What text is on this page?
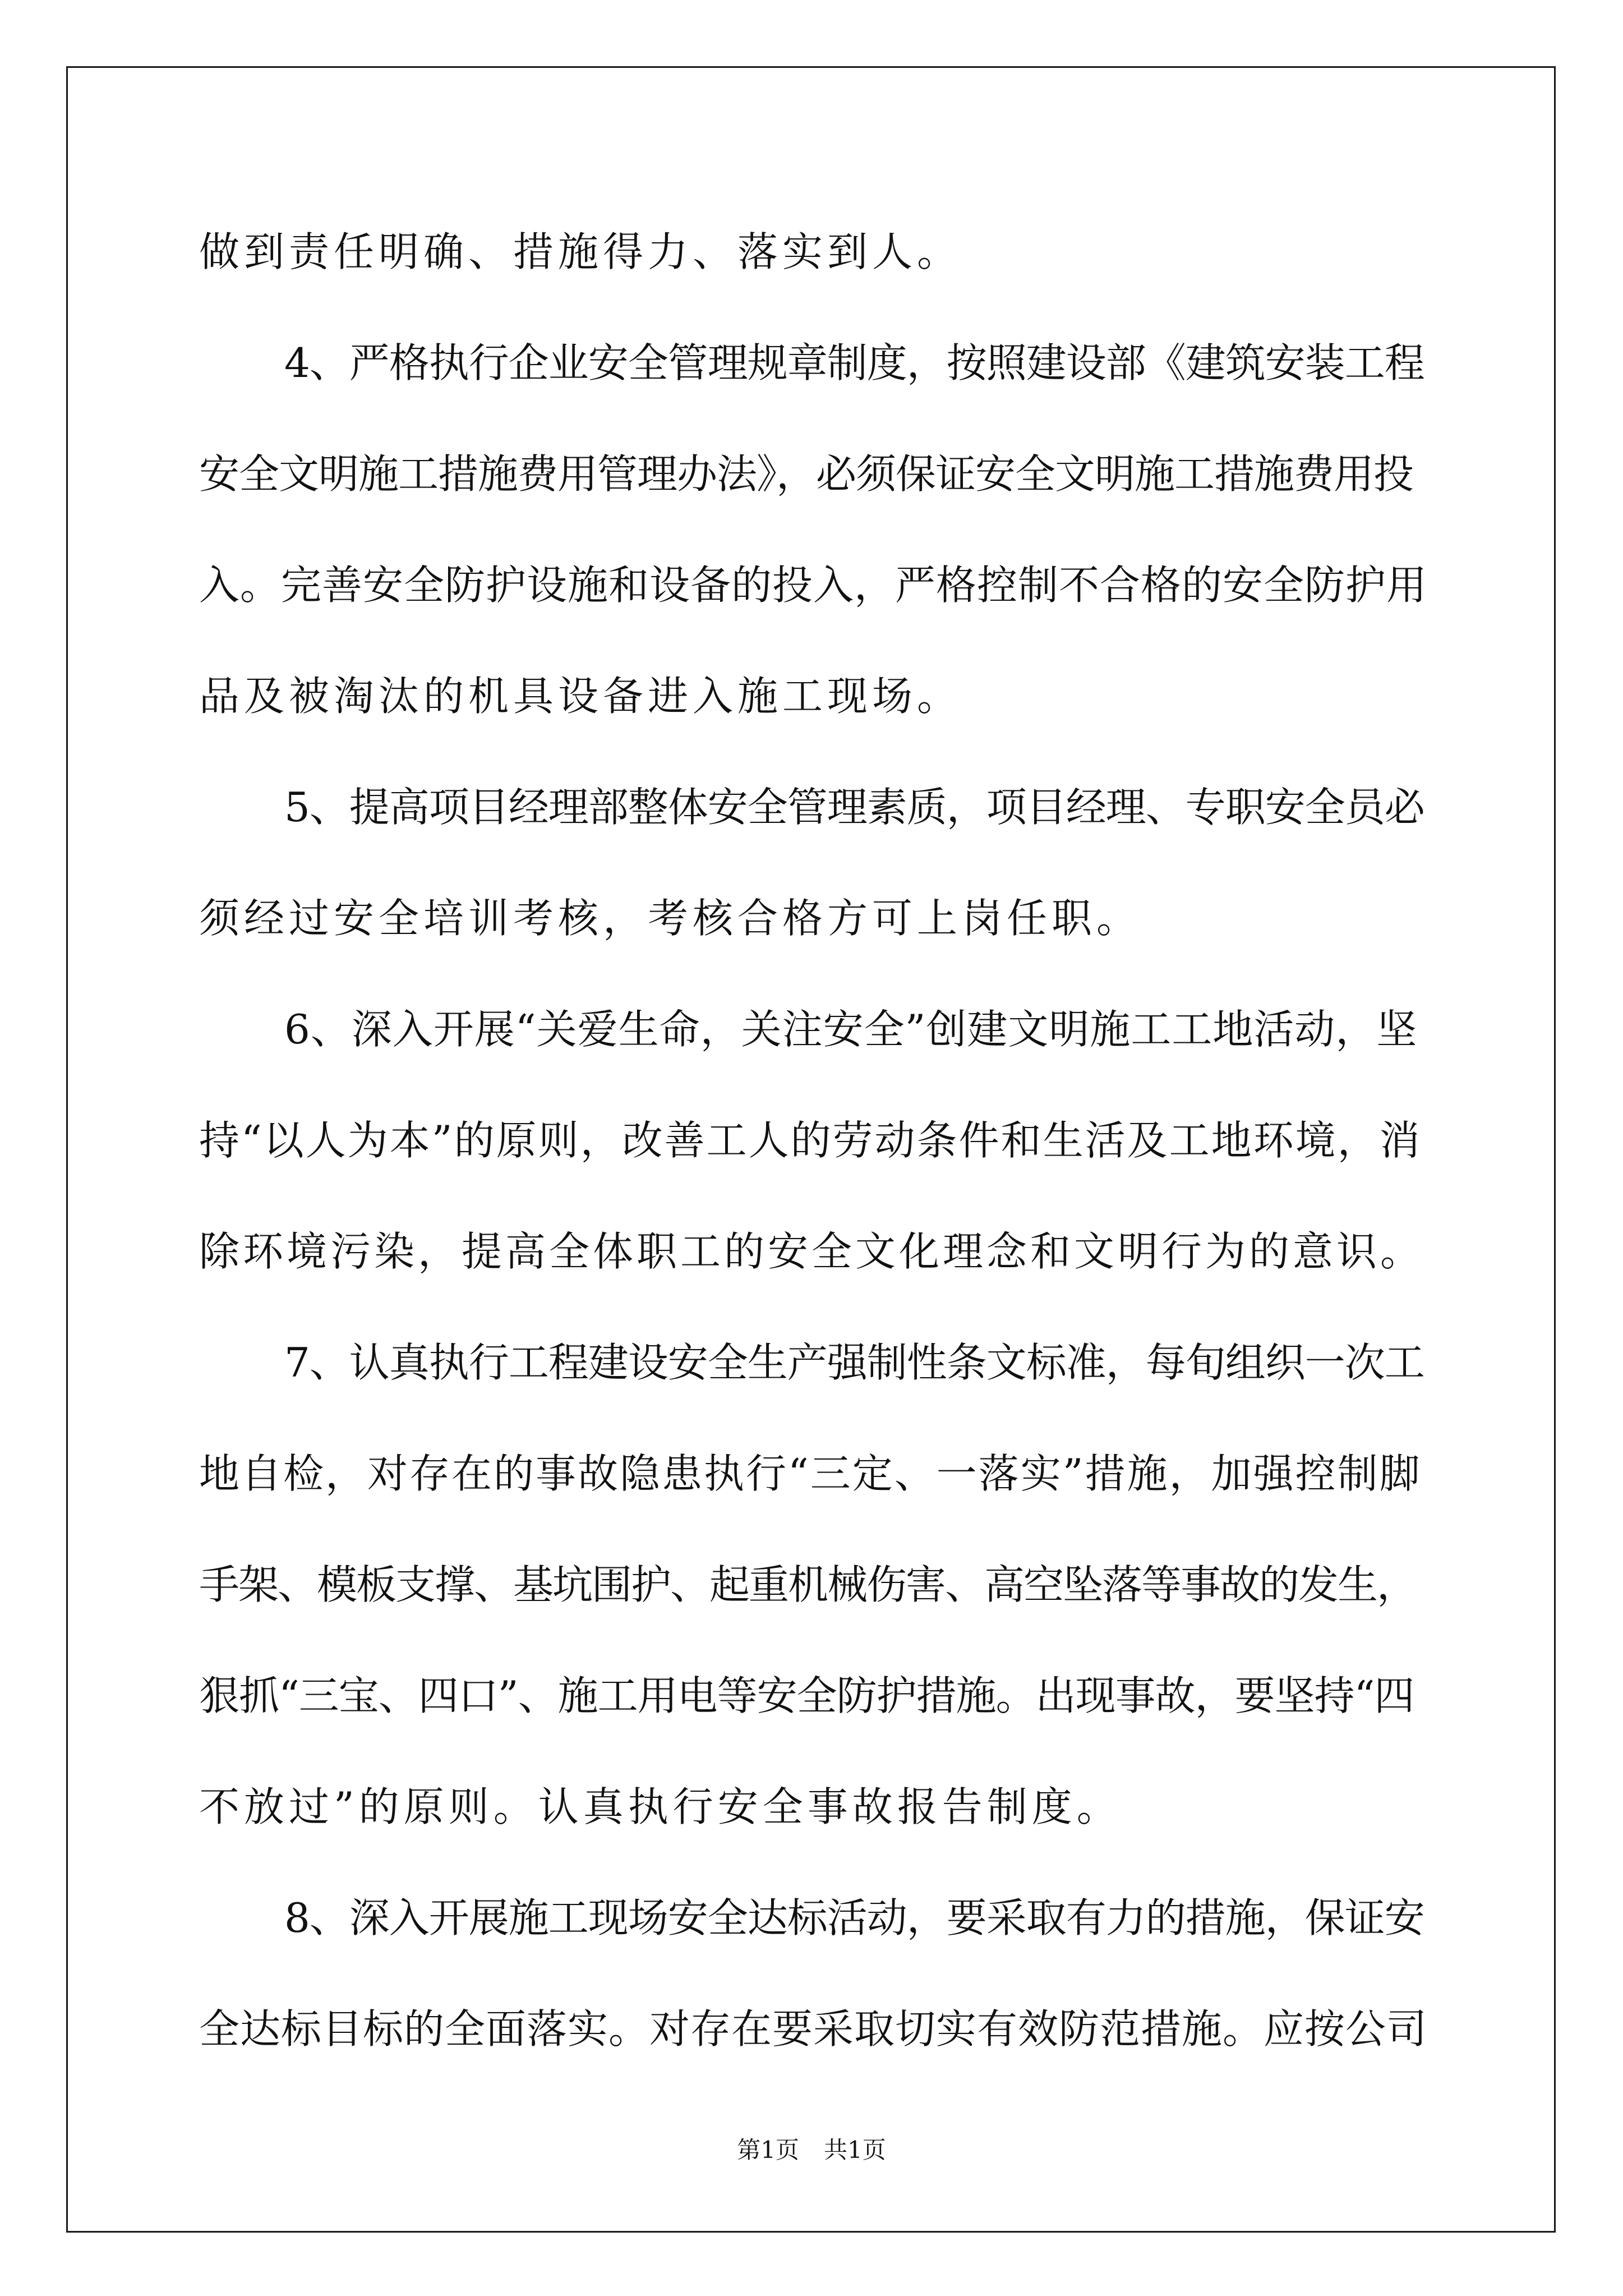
做到责任明确、措施得力、落实到人。

4、严格执行企业安全管理规章制度，按照建设部《建筑安装工程
安全文明施工措施费用管理办法》，必须保证安全文明施工措施费用投
入。完善安全防护设施和设备的投入，严格控制不合格的安全防护用
品及被淘汰的机具设备进入施工现场。

5、提高项目经理部整体安全管理素质，项目经理、专职安全员必
须经过安全培训考核，考核合格方可上岗任职。

6、深入开展“关爱生命，关注安全”创建文明施工工地活动，坚
持“以人为本”的原则，改善工人的劳动条件和生活及工地环境，消
除环境污染，提高全体职工的安全文化理念和文明行为的意识。

7、认真执行工程建设安全生产强制性条文标准，每旬组织一次工
地自检，对存在的事故隐患执行“三定、一落实”措施，加强控制脚
手架、模板支撑、基坑围护、起重机械伤害、高空坠落等事故的发生，
狠抓“三宝、四口”、施工用电等安全防护措施。出现事故，要坚持“四
不放过”的原则。认真执行安全事故报告制度。

8、深入开展施工现场安全达标活动，要采取有力的措施，保证安
全达标目标的全面落实。对存在要采取切实有效防范措施。应按公司

第1页 共1页
